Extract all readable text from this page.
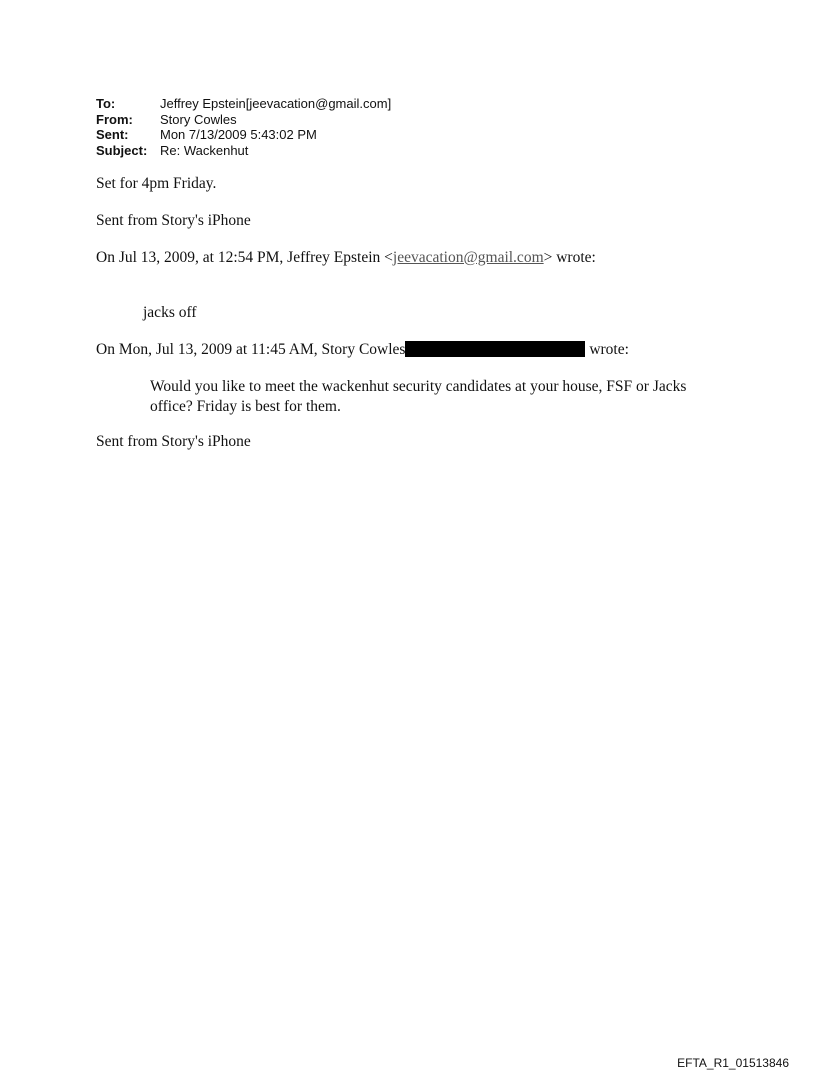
To:	Jeffrey Epstein[jeevacation@gmail.com]
From:	Story Cowles
Sent:	Mon 7/13/2009 5:43:02 PM
Subject: Re: Wackenhut
Set for 4pm Friday.
Sent from Story's iPhone
On Jul 13, 2009, at 12:54 PM, Jeffrey Epstein <jeevacation@gmail.com> wrote:
jacks off
On Mon, Jul 13, 2009 at 11:45 AM, Story Cowles	wrote:
Would you like to meet the wackenhut security candidates at your house, FSF or Jacks office? Friday is best for them.
Sent from Story's iPhone
EFTA_R1_01513846
